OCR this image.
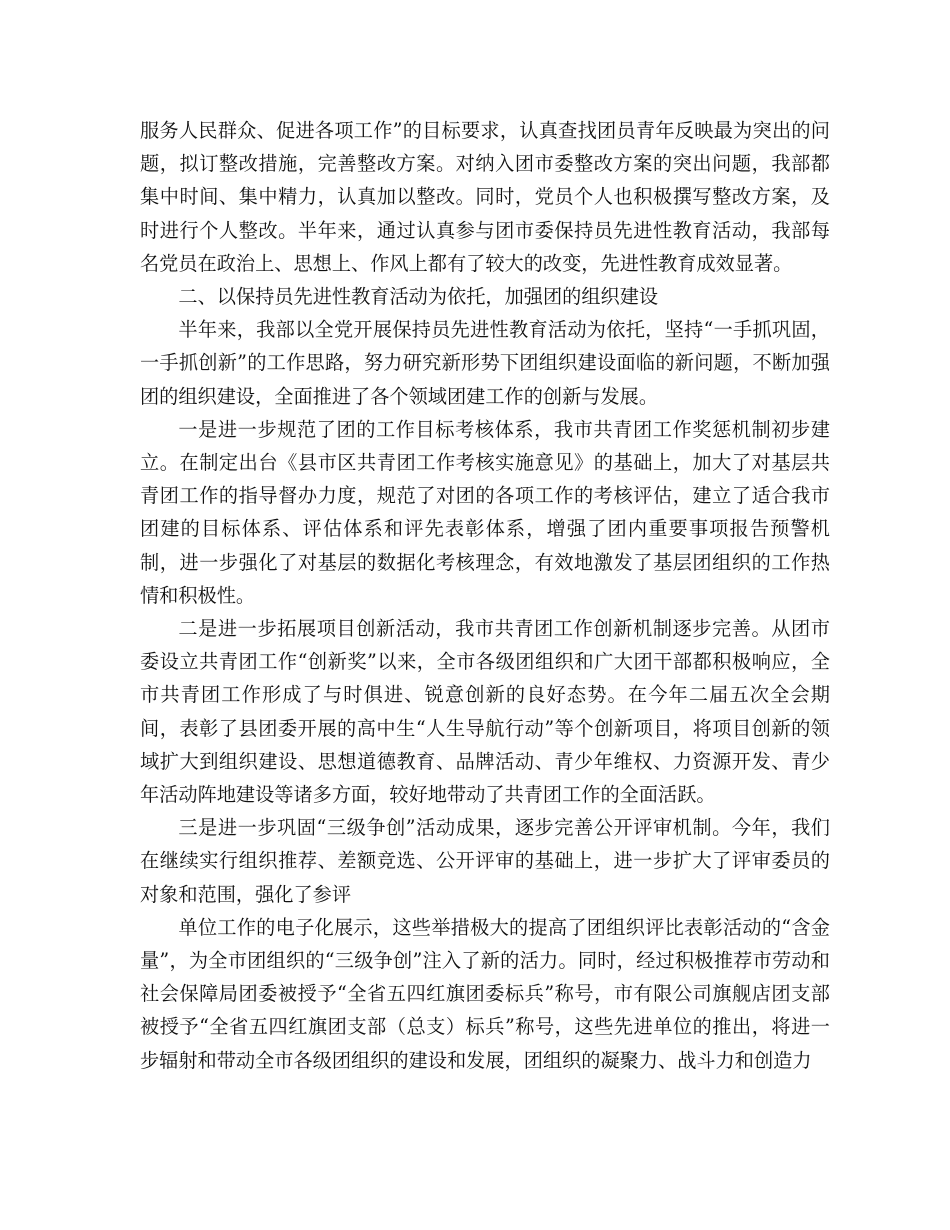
服务人民群众、促进各项工作”的目标要求，认真查找团员青年反映最为突出的问题，拟订整改措施，完善整改方案。对纳入团市委整改方案的突出问题，我部都集中时间、集中精力，认真加以整改。同时，党员个人也积极撰写整改方案，及时进行个人整改。半年来，通过认真参与团市委保持员先进性教育活动，我部每名党员在政治上、思想上、作风上都有了较大的改变，先进性教育成效显著。

二、以保持员先进性教育活动为依托，加强团的组织建设

半年来，我部以全党开展保持员先进性教育活动为依托，坚持“一手抓巩固，一手抓创新”的工作思路，努力研究新形势下团组织建设面临的新问题，不断加强团的组织建设，全面推进了各个领域团建工作的创新与发展。

一是进一步规范了团的工作目标考核体系，我市共青团工作奖惩机制初步建立。在制定出台《县市区共青团工作考核实施意见》的基础上，加大了对基层共青团工作的指导督办力度，规范了对团的各项工作的考核评估，建立了适合我市团建的目标体系、评估体系和评先表彰体系，增强了团内重要事项报告预警机制，进一步强化了对基层的数据化考核理念，有效地激发了基层团组织的工作热情和积极性。

二是进一步拓展项目创新活动，我市共青团工作创新机制逐步完善。从团市委设立共青团工作“创新奖”以来，全市各级团组织和广大团干部都积极响应，全市共青团工作形成了与时俱进、锐意创新的良好态势。在今年二届五次全会期间，表彰了县团委开展的高中生“人生导航行动”等个创新项目，将项目创新的领域扩大到组织建设、思想道德教育、品牌活动、青少年维权、力资源开发、青少年活动阵地建设等诸多方面，较好地带动了共青团工作的全面活跃。

三是进一步巩固“三级争创”活动成果，逐步完善公开评审机制。今年，我们在继续实行组织推荐、差额竞选、公开评审的基础上，进一步扩大了评审委员的对象和范围，强化了参评

单位工作的电子化展示，这些举措极大的提高了团组织评比表彰活动的“含金量”，为全市团组织的“三级争创”注入了新的活力。同时，经过积极推荐市劳动和社会保障局团委被授予“全省五四红旗团委标兵”称号，市有限公司旗舰店团支部被授予“全省五四红旗团支部（总支）标兵”称号，这些先进单位的推出，将进一步辐射和带动全市各级团组织的建设和发展，团组织的凝聚力、战斗力和创造力
